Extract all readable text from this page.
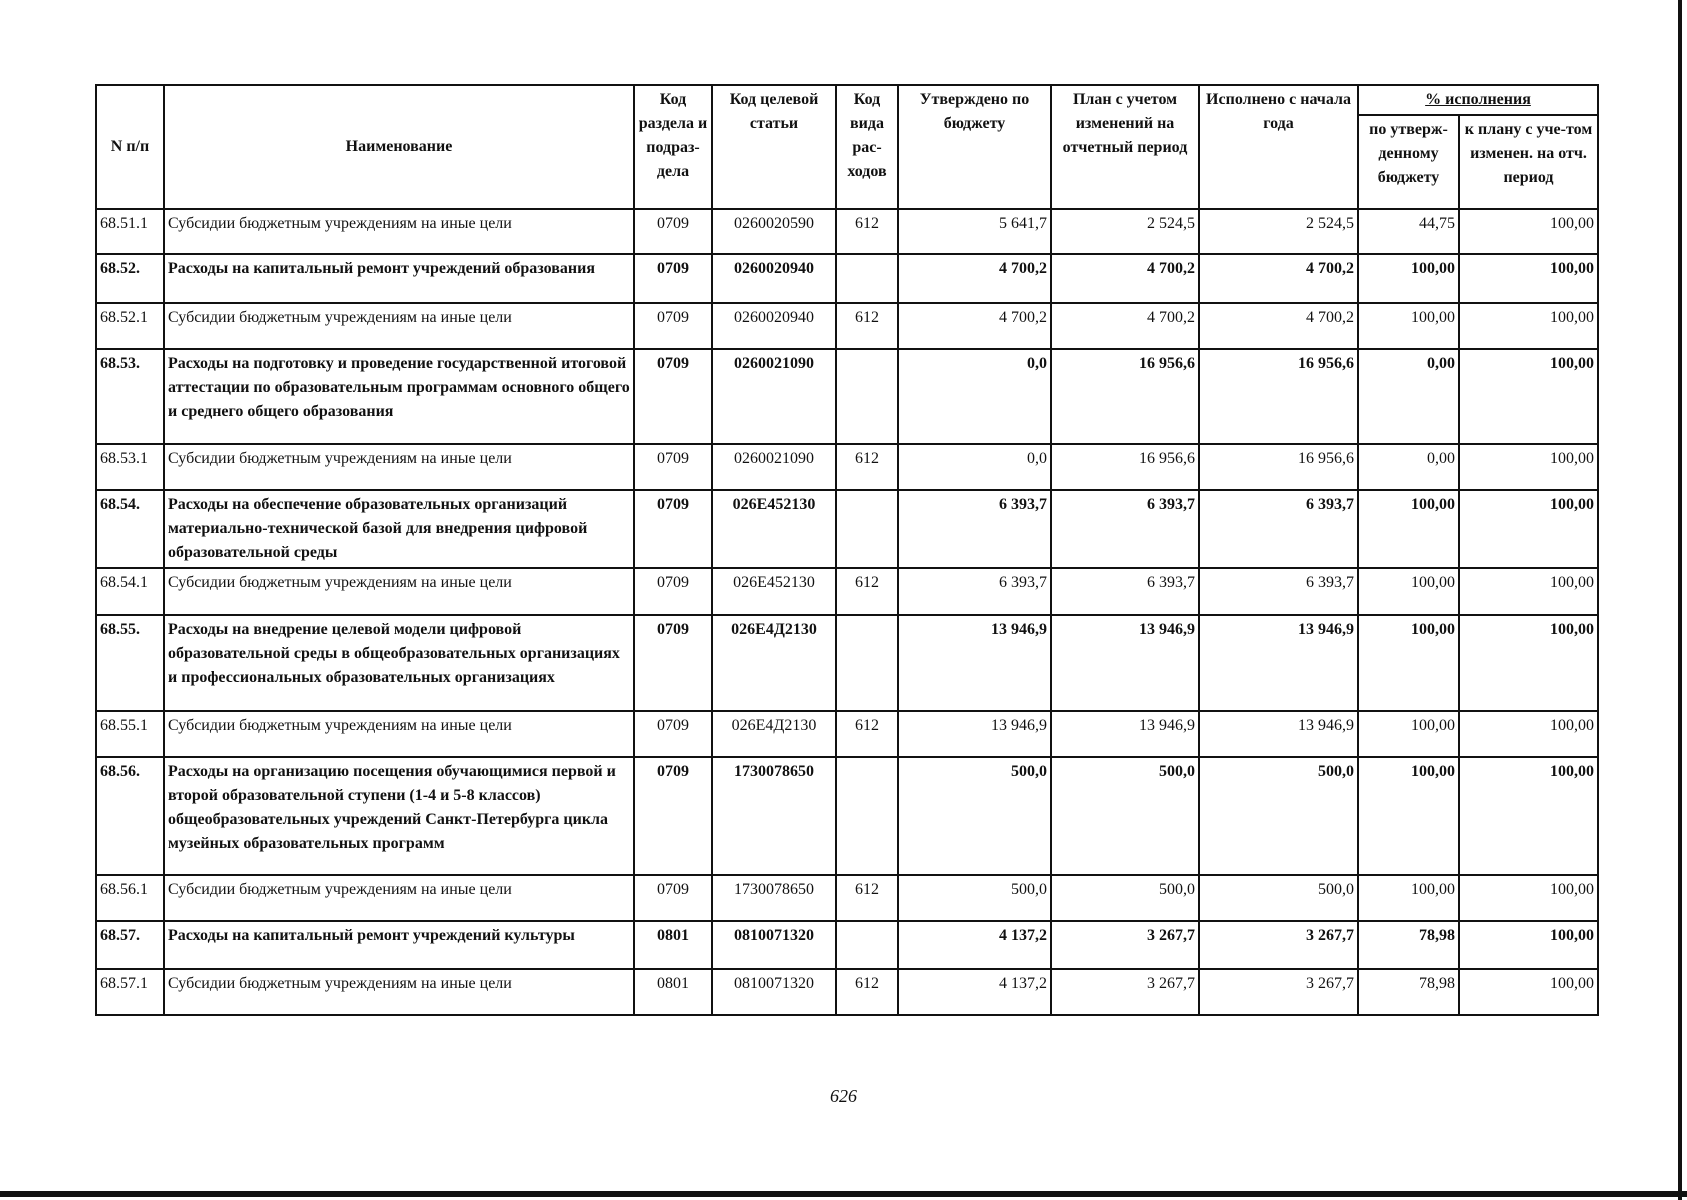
N п/п	Наименование	Код раздела и подраз-дела	Код целевой статьи	Код вида рас-ходов	Утверждено по бюджету	План с учетом изменений на отчетный период	Исполнено с начала года	% исполнения	
								по утверж-денному бюджету	к плану с уче-том изменен. на отч. период
68.51.1	Субсидии бюджетным учреждениям на иные цели	0709	0260020590	612	5 641,7	2 524,5	2 524,5	44,75	100,00
68.52.	Расходы на капитальный ремонт учреждений образования	0709	0260020940		4 700,2	4 700,2	4 700,2	100,00	100,00
68.52.1	Субсидии бюджетным учреждениям на иные цели	0709	0260020940	612	4 700,2	4 700,2	4 700,2	100,00	100,00
68.53.	Расходы на подготовку и проведение государственной итоговой аттестации по образовательным программам основного общего и среднего общего образования	0709	0260021090		0,0	16 956,6	16 956,6	0,00	100,00
68.53.1	Субсидии бюджетным учреждениям на иные цели	0709	0260021090	612	0,0	16 956,6	16 956,6	0,00	100,00
68.54.	Расходы на обеспечение образовательных организаций материально-технической базой для внедрения цифровой образовательной среды	0709	026E452130		6 393,7	6 393,7	6 393,7	100,00	100,00
68.54.1	Субсидии бюджетным учреждениям на иные цели	0709	026E452130	612	6 393,7	6 393,7	6 393,7	100,00	100,00
68.55.	Расходы на внедрение целевой модели цифровой образовательной среды в общеобразовательных организациях и профессиональных образовательных организациях	0709	026E4Д2130		13 946,9	13 946,9	13 946,9	100,00	100,00
68.55.1	Субсидии бюджетным учреждениям на иные цели	0709	026E4Д2130	612	13 946,9	13 946,9	13 946,9	100,00	100,00
68.56.	Расходы на организацию посещения обучающимися первой и второй образовательной ступени (1-4 и 5-8 классов) общеобразовательных учреждений Санкт-Петербурга цикла музейных образовательных программ	0709	1730078650		500,0	500,0	500,0	100,00	100,00
68.56.1	Субсидии бюджетным учреждениям на иные цели	0709	1730078650	612	500,0	500,0	500,0	100,00	100,00
68.57.	Расходы на капитальный ремонт учреждений культуры	0801	0810071320		4 137,2	3 267,7	3 267,7	78,98	100,00
68.57.1	Субсидии бюджетным учреждениям на иные цели	0801	0810071320	612	4 137,2	3 267,7	3 267,7	78,98	100,00
626
